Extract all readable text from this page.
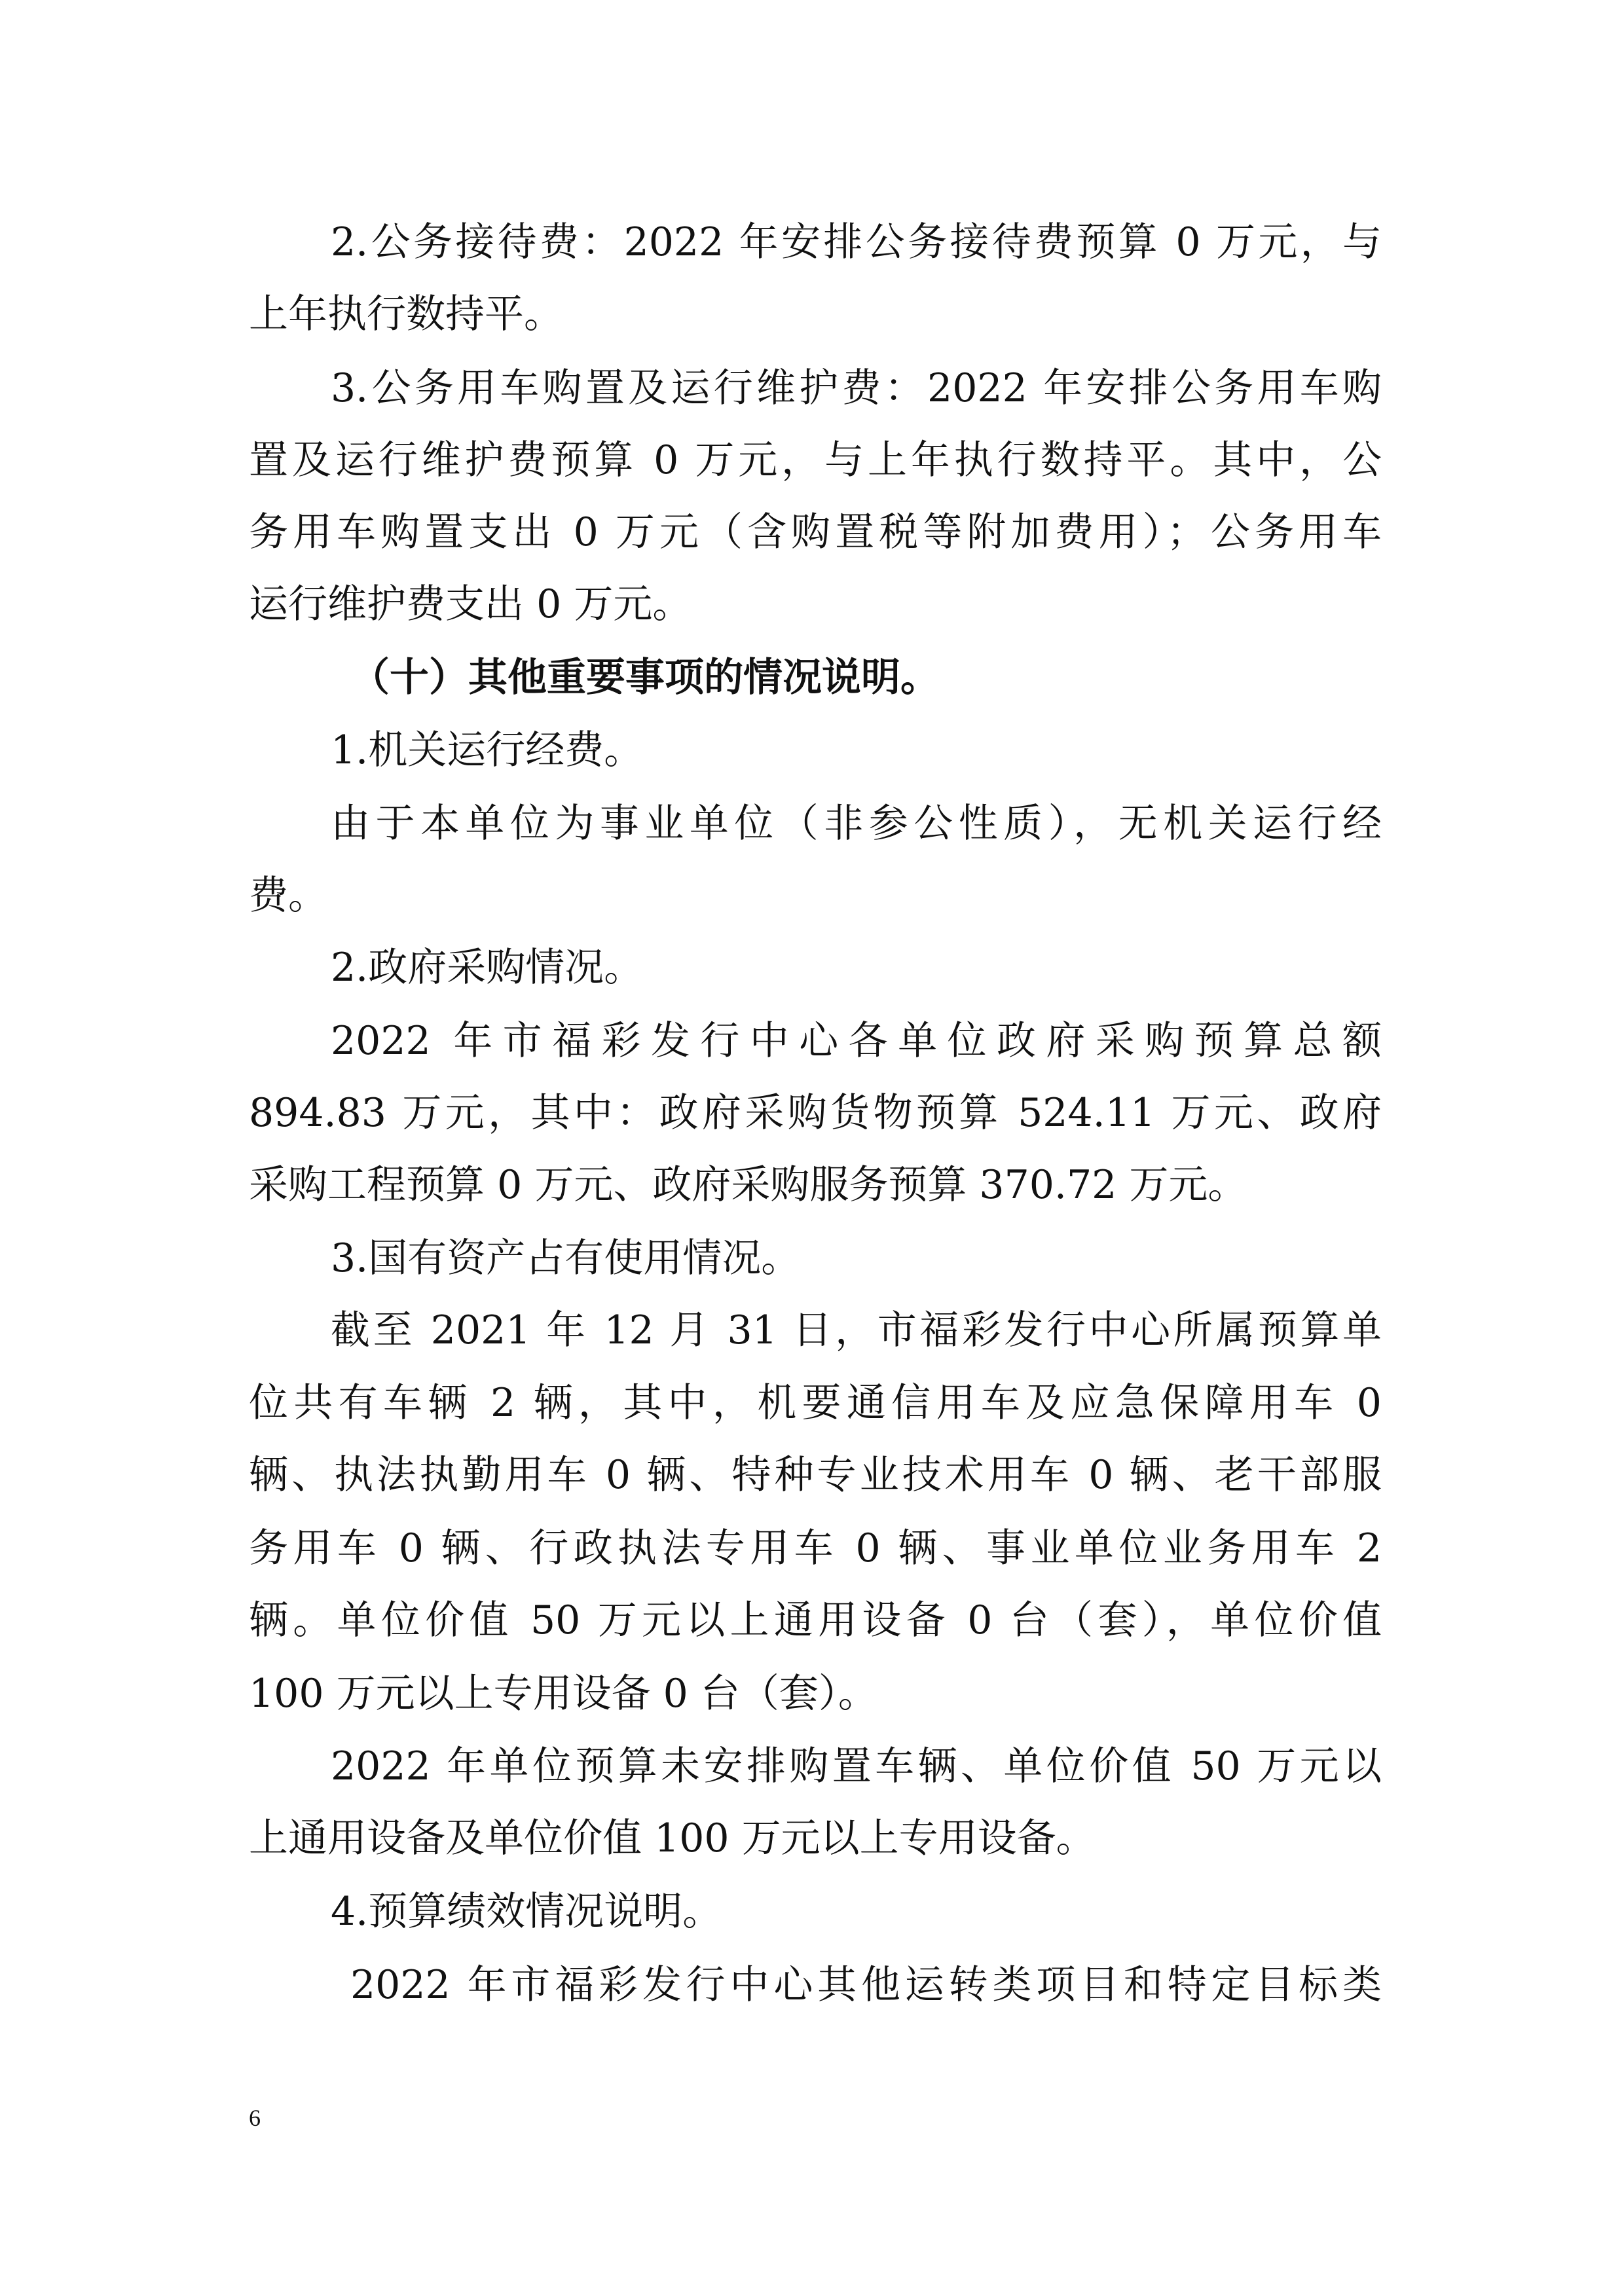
2.公务接待费：2022 年安排公务接待费预算 0 万元，与
上年执行数持平。
3.公务用车购置及运行维护费：2022 年安排公务用车购
置及运行维护费预算 0 万元，与上年执行数持平。其中，公
务用车购置支出 0 万元（含购置税等附加费用）；公务用车
运行维护费支出 0 万元。
（十）其他重要事项的情况说明。
1.机关运行经费。
由于本单位为事业单位（非参公性质），无机关运行经
费。
2.政府采购情况。
2022 年市福彩发行中心各单位政府采购预算总额
894.83 万元，其中：政府采购货物预算 524.11 万元、政府
采购工程预算 0 万元、政府采购服务预算 370.72 万元。
3.国有资产占有使用情况。
截至 2021 年 12 月 31 日，市福彩发行中心所属预算单
位共有车辆 2 辆，其中，机要通信用车及应急保障用车 0
辆、执法执勤用车 0 辆、特种专业技术用车 0 辆、老干部服
务用车 0 辆、行政执法专用车 0 辆、事业单位业务用车 2
辆。单位价值 50 万元以上通用设备 0 台（套），单位价值
100 万元以上专用设备 0 台（套）。
2022 年单位预算未安排购置车辆、单位价值 50 万元以
上通用设备及单位价值 100 万元以上专用设备。
4.预算绩效情况说明。
2022 年市福彩发行中心其他运转类项目和特定目标类
6
